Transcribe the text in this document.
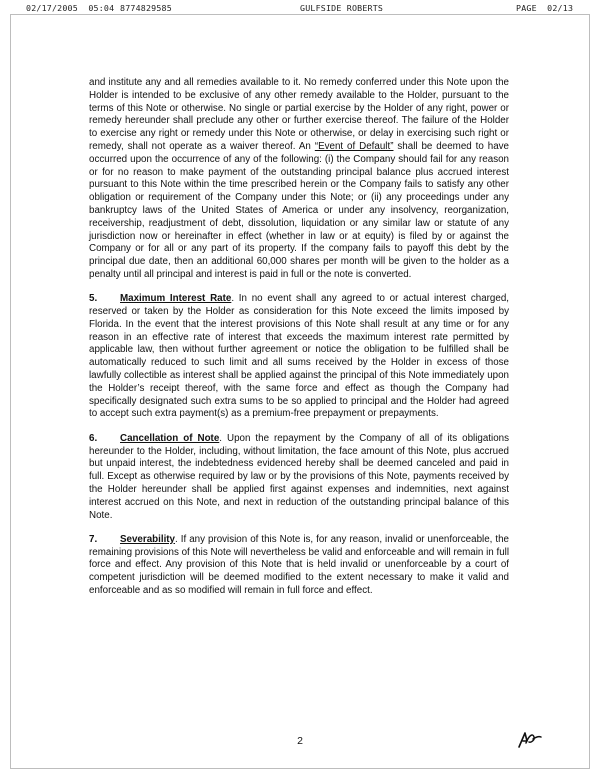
02/17/2005 05:04 8774829585	GULFSIDE ROBERTS	PAGE  02/13

and institute any and all remedies available to it. No remedy conferred under this Note upon the Holder is intended to be exclusive of any other remedy available to the Holder, pursuant to the terms of this Note or otherwise. No single or partial exercise by the Holder of any right, power or remedy hereunder shall preclude any other or further exercise thereof. The failure of the Holder to exercise any right or remedy under this Note or otherwise, or delay in exercising such right or remedy, shall not operate as a waiver thereof. An “Event of Default” shall be deemed to have occurred upon the occurrence of any of the following: (i) the Company should fail for any reason or for no reason to make payment of the outstanding principal balance plus accrued interest pursuant to this Note within the time prescribed herein or the Company fails to satisfy any other obligation or requirement of the Company under this Note; or (ii) any proceedings under any bankruptcy laws of the United States of America or under any insolvency, reorganization, receivership, readjustment of debt, dissolution, liquidation or any similar law or statute of any jurisdiction now or hereinafter in effect (whether in law or at equity) is filed by or against the Company or for all or any part of its property. If the company fails to payoff this debt by the principal due date, then an additional 60,000 shares per month will be given to the holder as a penalty until all principal and interest is paid in full or the note is converted.

5. Maximum Interest Rate. In no event shall any agreed to or actual interest charged, reserved or taken by the Holder as consideration for this Note exceed the limits imposed by Florida. In the event that the interest provisions of this Note shall result at any time or for any reason in an effective rate of interest that exceeds the maximum interest rate permitted by applicable law, then without further agreement or notice the obligation to be fulfilled shall be automatically reduced to such limit and all sums received by the Holder in excess of those lawfully collectible as interest shall be applied against the principal of this Note immediately upon the Holder’s receipt thereof, with the same force and effect as though the Company had specifically designated such extra sums to be so applied to principal and the Holder had agreed to accept such extra payment(s) as a premium-free prepayment or prepayments.

6. Cancellation of Note. Upon the repayment by the Company of all of its obligations hereunder to the Holder, including, without limitation, the face amount of this Note, plus accrued but unpaid interest, the indebtedness evidenced hereby shall be deemed canceled and paid in full. Except as otherwise required by law or by the provisions of this Note, payments received by the Holder hereunder shall be applied first against expenses and indemnities, next against interest accrued on this Note, and next in reduction of the outstanding principal balance of this Note.

7. Severability. If any provision of this Note is, for any reason, invalid or unenforceable, the remaining provisions of this Note will nevertheless be valid and enforceable and will remain in full force and effect. Any provision of this Note that is held invalid or unenforceable by a court of competent jurisdiction will be deemed modified to the extent necessary to make it valid and enforceable and as so modified will remain in full force and effect.

2
